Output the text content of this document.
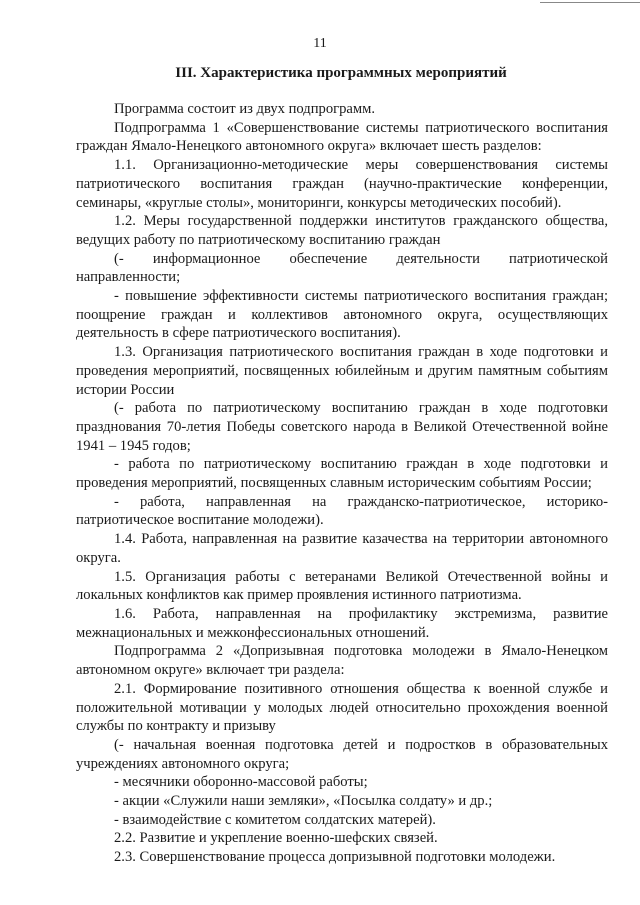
11
III. Характеристика программных мероприятий

Программа состоит из двух подпрограмм.

Подпрограмма 1 «Совершенствование системы патриотического воспитания граждан Ямало-Ненецкого автономного округа» включает шесть разделов:

1.1. Организационно-методические меры совершенствования системы патриотического воспитания граждан (научно-практические конференции, семинары, «круглые столы», мониторинги, конкурсы методических пособий).

1.2. Меры государственной поддержки институтов гражданского общества, ведущих работу по патриотическому воспитанию граждан

(- информационное обеспечение деятельности патриотической направленности;

- повышение эффективности системы патриотического воспитания граждан; поощрение граждан и коллективов автономного округа, осуществляющих деятельность в сфере патриотического воспитания).

1.3. Организация патриотического воспитания граждан в ходе подготовки и проведения мероприятий, посвященных юбилейным и другим памятным событиям истории России

(- работа по патриотическому воспитанию граждан в ходе подготовки празднования 70-летия Победы советского народа в Великой Отечественной войне 1941 – 1945 годов;

- работа по патриотическому воспитанию граждан в ходе подготовки и проведения мероприятий, посвященных славным историческим событиям России;

- работа, направленная на гражданско-патриотическое, историко-патриотическое воспитание молодежи).

1.4. Работа, направленная на развитие казачества на территории автономного округа.

1.5. Организация работы с ветеранами Великой Отечественной войны и локальных конфликтов как пример проявления истинного патриотизма.

1.6. Работа, направленная на профилактику экстремизма, развитие межнациональных и межконфессиональных отношений.

Подпрограмма 2 «Допризывная подготовка молодежи в Ямало-Ненецком автономном округе» включает три раздела:

2.1. Формирование позитивного отношения общества к военной службе и положительной мотивации у молодых людей относительно прохождения военной службы по контракту и призыву

(- начальная военная подготовка детей и подростков в образовательных учреждениях автономного округа;

- месячники оборонно-массовой работы;

- акции «Служили наши земляки», «Посылка солдату» и др.;

- взаимодействие с комитетом солдатских матерей).

2.2. Развитие и укрепление военно-шефских связей.

2.3. Совершенствование процесса допризывной подготовки молодежи.
